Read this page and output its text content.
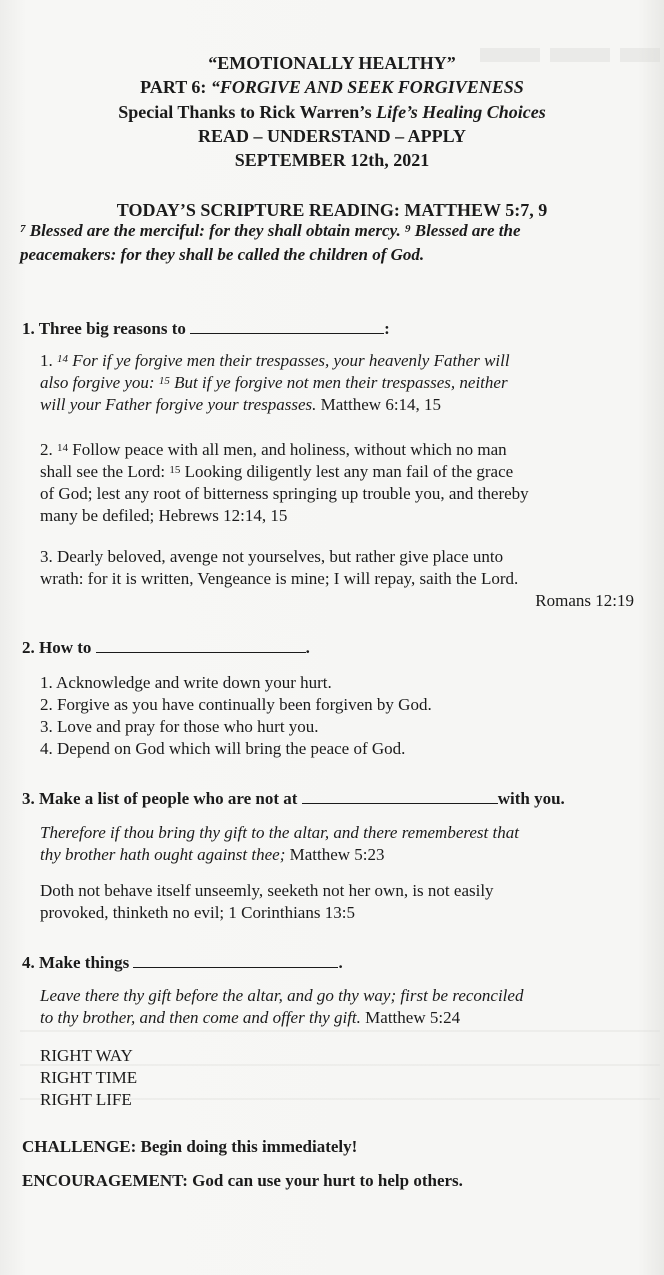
“EMOTIONALLY HEALTHY”
PART 6: “FORGIVE AND SEEK FORGIVENESS
Special Thanks to Rick Warren’s Life’s Healing Choices
READ – UNDERSTAND – APPLY
SEPTEMBER 12th, 2021
TODAY’S SCRIPTURE READING: MATTHEW 5:7, 9
$^7$ Blessed are the merciful: for they shall obtain mercy. $^9$ Blessed are the
peacemakers: for they shall be called the children of God.
1. Three big reasons to	:
1. $^{14}$ For if ye forgive men their trespasses, your heavenly Father will
also forgive you: $^{15}$ But if ye forgive not men their trespasses, neither
will your Father forgive your trespasses. Matthew 6:14, 15
2. $^{14}$ Follow peace with all men, and holiness, without which no man
shall see the Lord: $^{15}$ Looking diligently lest any man fail of the grace
of God; lest any root of bitterness springing up trouble you, and thereby
many be defiled; Hebrews 12:14, 15
3. Dearly beloved, avenge not yourselves, but rather give place unto
wrath: for it is written, Vengeance is mine; I will repay, saith the Lord.
Romans 12:19
2. How to	.
1. Acknowledge and write down your hurt.
2. Forgive as you have continually been forgiven by God.
3. Love and pray for those who hurt you.
4. Depend on God which will bring the peace of God.
3. Make a list of people who are not at	with you.
Therefore if thou bring thy gift to the altar, and there rememberest that
thy brother hath ought against thee; Matthew 5:23
Doth not behave itself unseemly, seeketh not her own, is not easily
provoked, thinketh no evil; 1 Corinthians 13:5
4. Make things	.
Leave there thy gift before the altar, and go thy way; first be reconciled
to thy brother, and then come and offer thy gift. Matthew 5:24
RIGHT WAY
RIGHT TIME
RIGHT LIFE
CHALLENGE: Begin doing this immediately!
ENCOURAGEMENT: God can use your hurt to help others.
